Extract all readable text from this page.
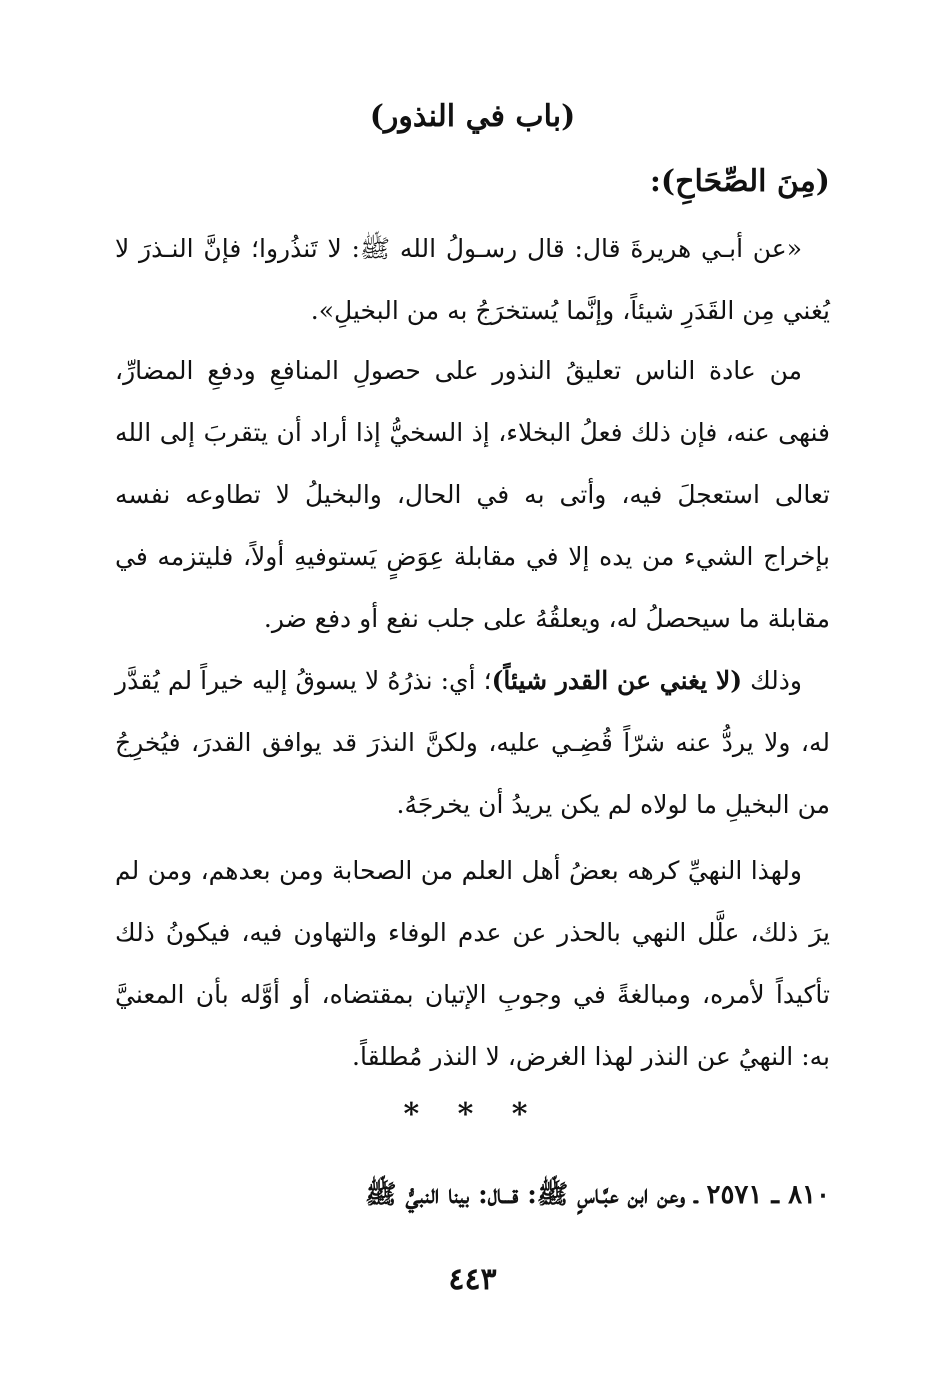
(باب في النذور)
(مِنَ الصِّحَاحِ):
«عن أبـي هريرةَ قال: قال رسـولُ الله ﷺ: لا تَنذُروا؛ فإنَّ النـذرَ لا يُغني مِن القَدَرِ شيئاً، وإنَّما يُستخرَجُ به من البخيلِ».
من عادة الناس تعليقُ النذور على حصولِ المنافعِ ودفعِ المضارِّ، فنهى عنه، فإن ذلك فعلُ البخلاء، إذ السخيُّ إذا أراد أن يتقربَ إلى الله تعالى استعجلَ فيه، وأتى به في الحال، والبخيلُ لا تطاوعه نفسه بإخراج الشيء من يده إلا في مقابلة عِوَضٍ يَستوفيهِ أولاً، فليتزمه في مقابلة ما سيحصلُ له، ويعلقُهُ على جلب نفع أو دفع ضر.
وذلك (لا يغني عن القدر شيئاً)؛ أي: نذرُهُ لا يسوقُ إليه خيراً لم يُقدَّر له، ولا يردُّ عنه شرّاً قُضِـي عليه، ولكنَّ النذرَ قد يوافق القدرَ، فيُخرِجُ من البخيلِ ما لولاه لم يكن يريدُ أن يخرجَهُ.
ولهذا النهيِّ كرهه بعضُ أهل العلم من الصحابة ومن بعدهم، ومن لم يرَ ذلك، علَّل النهي بالحذر عن عدم الوفاء والتهاون فيه، فيكونُ ذلك تأكيداً لأمره، ومبالغةً في وجوبِ الإتيان بمقتضاه، أو أوَّله بأن المعنيَّ به: النهيُ عن النذر لهذا الغرض، لا النذر مُطلقاً.
* * *
٨١٠ ـ ٢٥٧١ ـ وعن ابن عبَّـاسٍ ﷺ: قـــال: بينا النبيُّ ﷺ
٤٤٣
